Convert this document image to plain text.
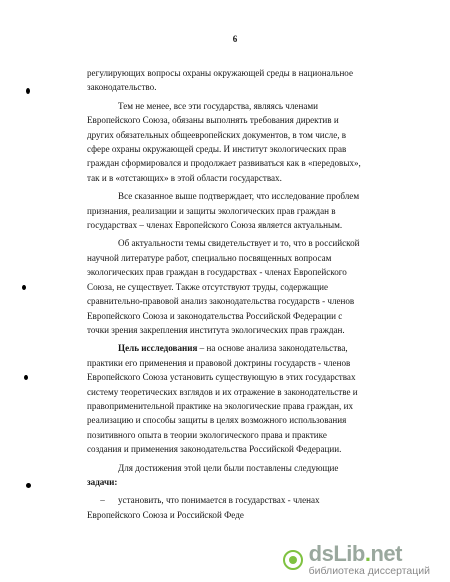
6

регулирующих вопросы охраны окружающей среды в национальное
законодательство.

Тем не менее, все эти государства, являясь членами
Европейского Союза, обязаны выполнять требования директив и
других обязательных общеевропейских документов, в том числе, в
сфере охраны окружающей среды. И институт экологических прав
граждан сформировался и продолжает развиваться как в «передовых»,
так и в «отстающих» в этой области государствах.

Все сказанное выше подтверждает, что исследование проблем
признания, реализации и защиты экологических прав граждан в
государствах – членах Европейского Союза является актуальным.

Об актуальности темы свидетельствует и то, что в российской
научной литературе работ, специально посвященных вопросам
экологических прав граждан в государствах - членах Европейского
Союза, не существует. Также отсутствуют труды, содержащие
сравнительно-правовой анализ законодательства государств - членов
Европейского Союза и законодательства Российской Федерации с
точки зрения закрепления института экологических прав граждан.

Цель исследования – на основе анализа законодательства,
практики его применения и правовой доктрины государств - членов
Европейского Союза установить существующую в этих государствах
систему теоретических взглядов и их отражение в законодательстве и
правоприменительной практике на экологические права граждан, их
реализацию и способы защиты в целях возможного использования
позитивного опыта в теории экологического права и практике
создания и применения законодательства Российской Федерации.

Для достижения этой цели были поставлены следующие
задачи:

–	установить, что понимается в государствах - членах
Европейского Союза и Российской Феде

dsLib.net
библиотека диссертаций
